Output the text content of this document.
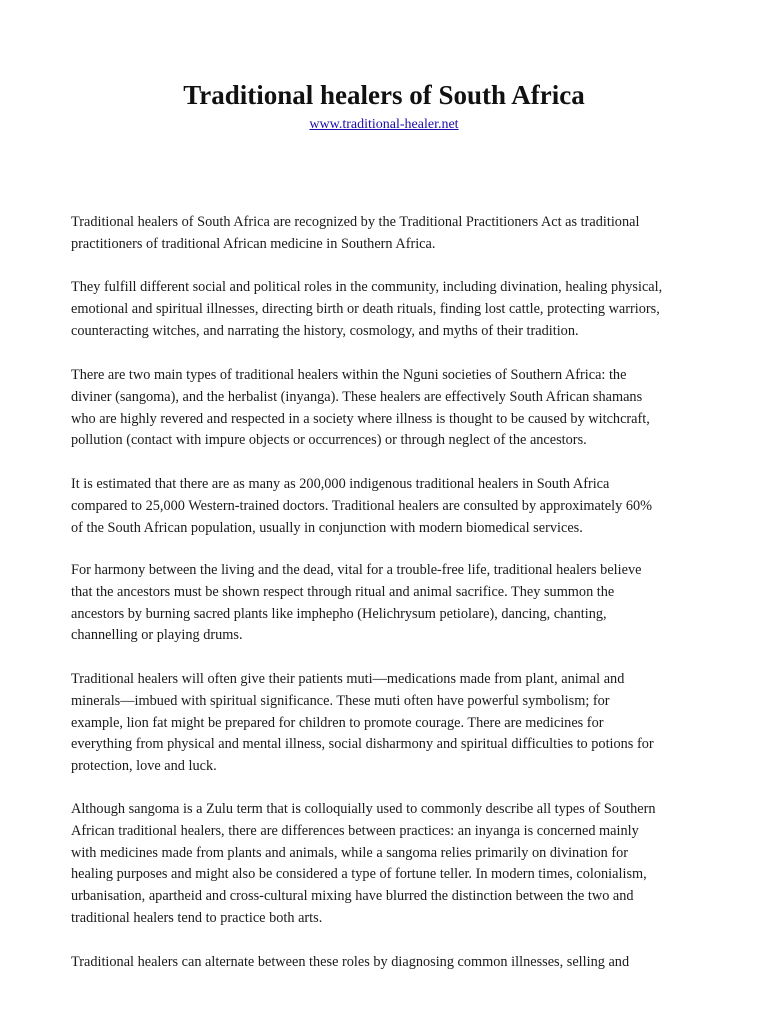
Traditional healers of South Africa
www.traditional-healer.net

Traditional healers of South Africa are recognized by the Traditional Practitioners Act as traditional
practitioners of traditional African medicine in Southern Africa.

They fulfill different social and political roles in the community, including divination, healing physical,
emotional and spiritual illnesses, directing birth or death rituals, finding lost cattle, protecting warriors,
counteracting witches, and narrating the history, cosmology, and myths of their tradition.

There are two main types of traditional healers within the Nguni societies of Southern Africa: the
diviner (sangoma), and the herbalist (inyanga). These healers are effectively South African shamans
who are highly revered and respected in a society where illness is thought to be caused by witchcraft,
pollution (contact with impure objects or occurrences) or through neglect of the ancestors.

It is estimated that there are as many as 200,000 indigenous traditional healers in South Africa
compared to 25,000 Western-trained doctors. Traditional healers are consulted by approximately 60%
of the South African population, usually in conjunction with modern biomedical services.

For harmony between the living and the dead, vital for a trouble-free life, traditional healers believe
that the ancestors must be shown respect through ritual and animal sacrifice. They summon the
ancestors by burning sacred plants like imphepho (Helichrysum petiolare), dancing, chanting,
channelling or playing drums.

Traditional healers will often give their patients muti—medications made from plant, animal and
minerals—imbued with spiritual significance. These muti often have powerful symbolism; for
example, lion fat might be prepared for children to promote courage. There are medicines for
everything from physical and mental illness, social disharmony and spiritual difficulties to potions for
protection, love and luck.

Although sangoma is a Zulu term that is colloquially used to commonly describe all types of Southern
African traditional healers, there are differences between practices: an inyanga is concerned mainly
with medicines made from plants and animals, while a sangoma relies primarily on divination for
healing purposes and might also be considered a type of fortune teller. In modern times, colonialism,
urbanisation, apartheid and cross-cultural mixing have blurred the distinction between the two and
traditional healers tend to practice both arts.

Traditional healers can alternate between these roles by diagnosing common illnesses, selling and
